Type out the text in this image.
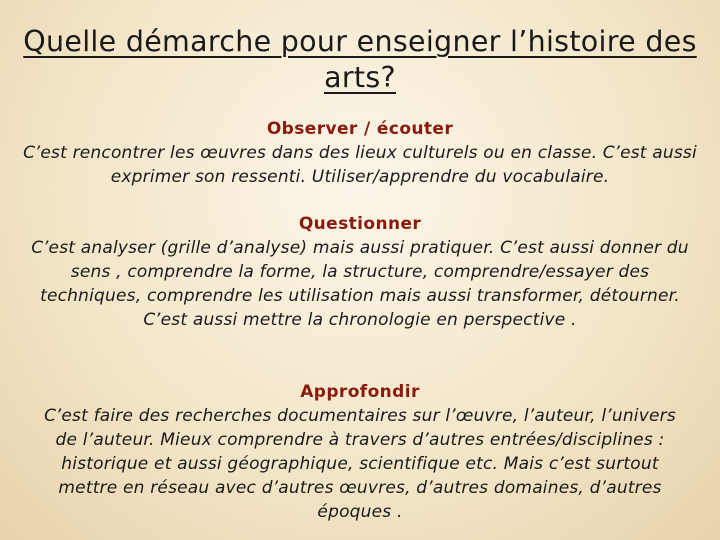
Quelle démarche pour enseigner l’histoire des arts?
Observer / écouter
C’est rencontrer les œuvres dans des lieux culturels ou en classe. C’est aussi exprimer son ressenti. Utiliser/apprendre du vocabulaire.
Questionner
C’est analyser (grille d’analyse) mais aussi pratiquer. C’est aussi donner du sens , comprendre la forme, la structure, comprendre/essayer des techniques, comprendre les utilisation mais aussi transformer, détourner. C’est aussi mettre la chronologie en perspective .
Approfondir
C’est faire des recherches documentaires sur l’œuvre, l’auteur, l’univers de l’auteur. Mieux comprendre à travers d’autres entrées/disciplines : historique et aussi géographique, scientifique etc. Mais c’est surtout mettre en réseau avec d’autres œuvres, d’autres domaines, d’autres époques .
